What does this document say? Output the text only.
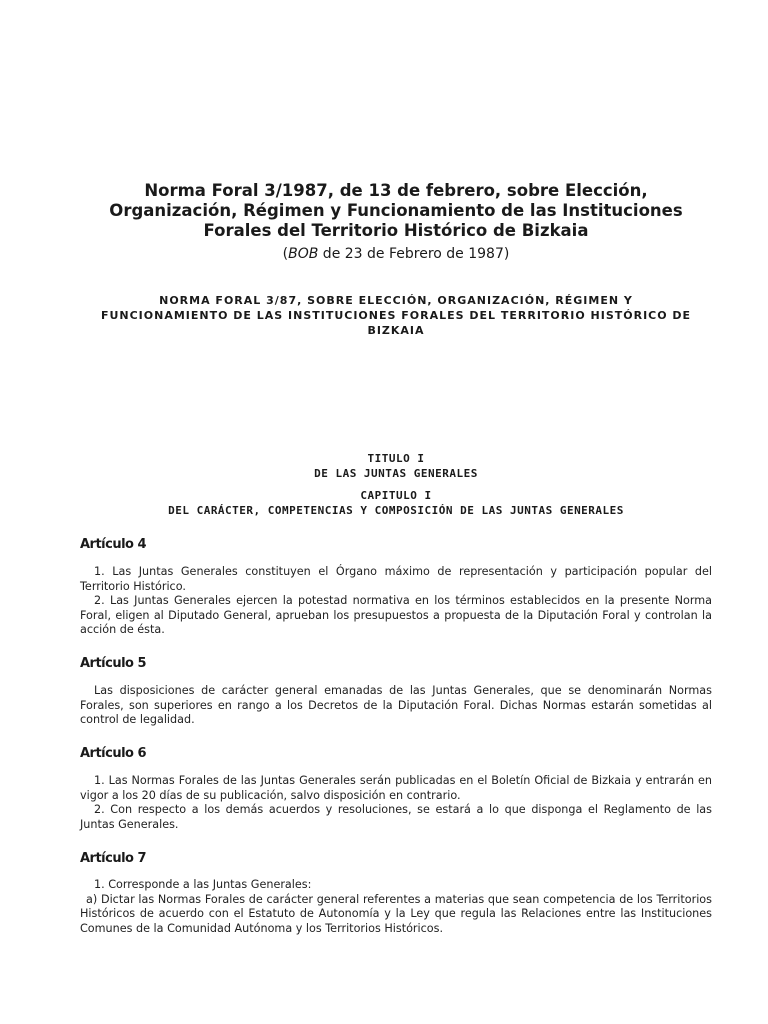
Norma Foral 3/1987, de 13 de febrero, sobre Elección, Organización, Régimen y Funcionamiento de las Instituciones Forales del Territorio Histórico de Bizkaia

(BOB de 23 de Febrero de 1987)

NORMA FORAL 3/87, SOBRE ELECCIÓN, ORGANIZACIÓN, RÉGIMEN Y FUNCIONAMIENTO DE LAS INSTITUCIONES FORALES DEL TERRITORIO HISTÓRICO DE BIZKAIA
TITULO I
DE LAS JUNTAS GENERALES
CAPITULO I
DEL CARÁCTER, COMPETENCIAS Y COMPOSICIÓN DE LAS JUNTAS GENERALES
Artículo 4

1. Las Juntas Generales constituyen el Órgano máximo de representación y participación popular del Territorio Histórico.

2. Las Juntas Generales ejercen la potestad normativa en los términos establecidos en la presente Norma Foral, eligen al Diputado General, aprueban los presupuestos a propuesta de la Diputación Foral y controlan la acción de ésta.

Artículo 5

Las disposiciones de carácter general emanadas de las Juntas Generales, que se denominarán Normas Forales, son superiores en rango a los Decretos de la Diputación Foral. Dichas Normas estarán sometidas al control de legalidad.

Artículo 6

1. Las Normas Forales de las Juntas Generales serán publicadas en el Boletín Oficial de Bizkaia y entrarán en vigor a los 20 días de su publicación, salvo disposición en contrario.

2. Con respecto a los demás acuerdos y resoluciones, se estará a lo que disponga el Reglamento de las Juntas Generales.

Artículo 7

1. Corresponde a las Juntas Generales:

a) Dictar las Normas Forales de carácter general referentes a materias que sean competencia de los Territorios Históricos de acuerdo con el Estatuto de Autonomía y la Ley que regula las Relaciones entre las Instituciones Comunes de la Comunidad Autónoma y los Territorios Históricos.
